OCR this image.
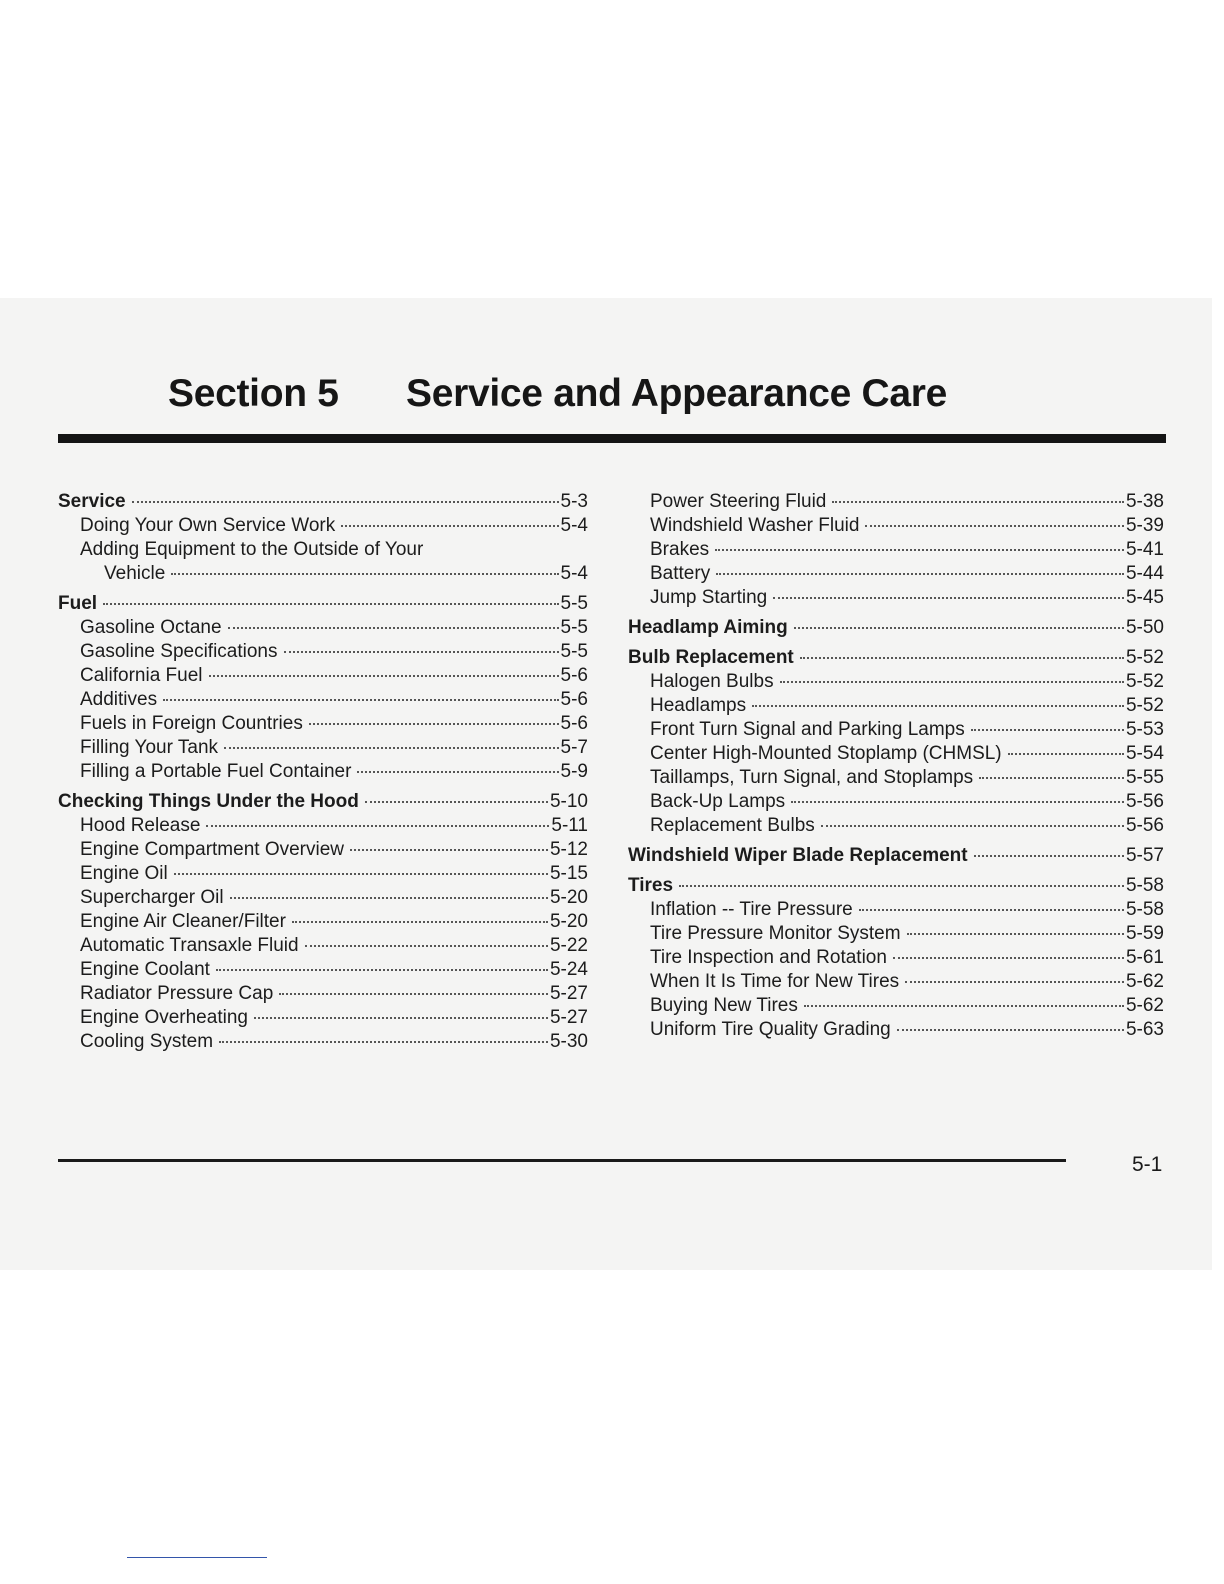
Section 5 Service and Appearance Care
Service	5-3
Doing Your Own Service Work	5-4
Adding Equipment to the Outside of Your
Vehicle	5-4
Fuel	5-5
Gasoline Octane	5-5
Gasoline Specifications	5-5
California Fuel	5-6
Additives	5-6
Fuels in Foreign Countries	5-6
Filling Your Tank	5-7
Filling a Portable Fuel Container	5-9
Checking Things Under the Hood	5-10
Hood Release	5-11
Engine Compartment Overview	5-12
Engine Oil	5-15
Supercharger Oil	5-20
Engine Air Cleaner/Filter	5-20
Automatic Transaxle Fluid	5-22
Engine Coolant	5-24
Radiator Pressure Cap	5-27
Engine Overheating	5-27
Cooling System	5-30
Power Steering Fluid	5-38
Windshield Washer Fluid	5-39
Brakes	5-41
Battery	5-44
Jump Starting	5-45
Headlamp Aiming	5-50
Bulb Replacement	5-52
Halogen Bulbs	5-52
Headlamps	5-52
Front Turn Signal and Parking Lamps	5-53
Center High-Mounted Stoplamp (CHMSL)	5-54
Taillamps, Turn Signal, and Stoplamps	5-55
Back-Up Lamps	5-56
Replacement Bulbs	5-56
Windshield Wiper Blade Replacement	5-57
Tires	5-58
Inflation -- Tire Pressure	5-58
Tire Pressure Monitor System	5-59
Tire Inspection and Rotation	5-61
When It Is Time for New Tires	5-62
Buying New Tires	5-62
Uniform Tire Quality Grading	5-63
5-1
